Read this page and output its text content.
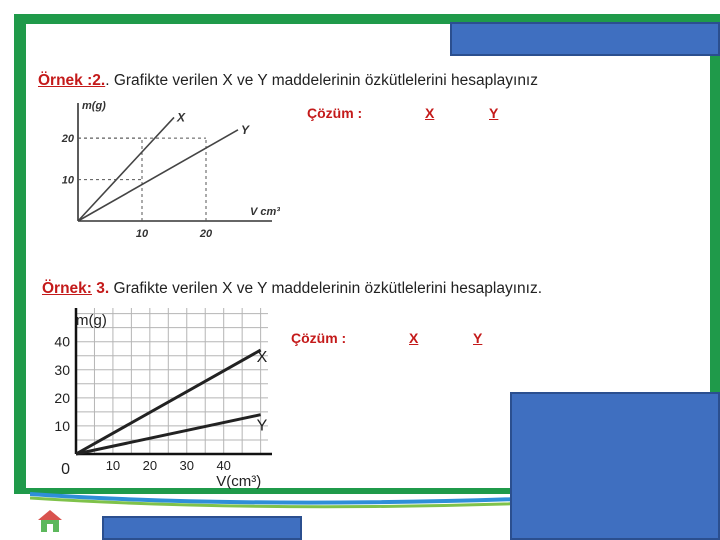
Örnek :2.. Grafikte verilen X ve Y maddelerinin özkütlelerini hesaplayınız
Çözüm :	X	Y
X
Y
10	20
10
20
m(g)
V cm³
Örnek: 3. Grafikte verilen X ve Y maddelerinin özkütlelerini hesaplayınız.
Çözüm :	X	Y
X
Y
10 20 30 40
10
20
30
40
0
m(g)
V(cm³)
